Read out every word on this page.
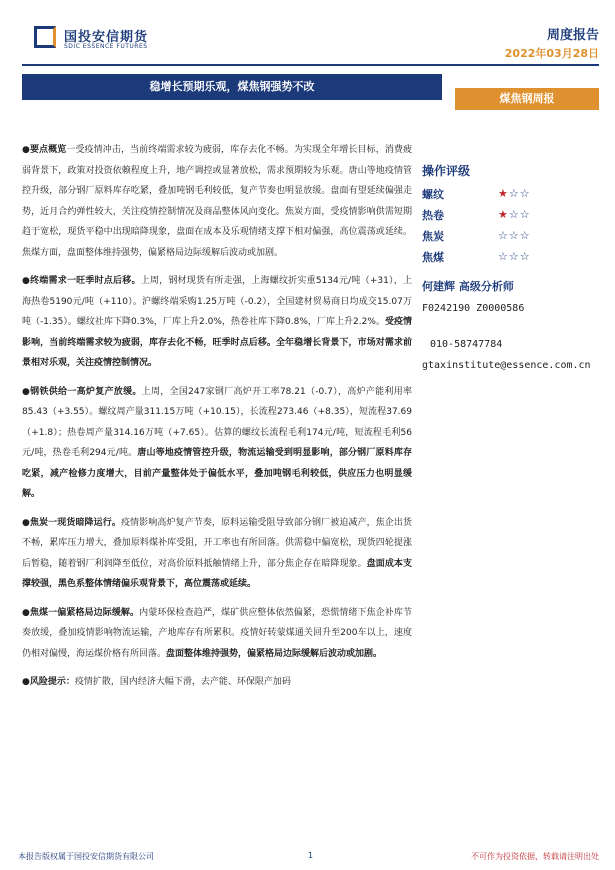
国投安信期货
SDIC ESSENCE FUTURES
周度报告
2022年03月28日
稳增长预期乐观，煤焦钢强势不改
煤焦钢周报

●要点概览一受疫情冲击，当前终端需求较为疲弱，库存去化不畅。为实现全年增长目标，消费疲弱背景下，政策对投资依赖程度上升，地产调控或显著放松，需求预期较为乐观。唐山等地疫情管控升级，部分钢厂原料库存吃紧，叠加吨钢毛利较低，复产节奏也明显放缓。盘面有望延续偏强走势，近月合约弹性较大，关注疫情控制情况及商品整体风向变化。焦炭方面，受疫情影响供需短期趋于宽松，现货平稳中出现暗降现象，盘面在成本及乐观情绪支撑下相对偏强，高位震荡或延续。焦煤方面，盘面整体维持强势，偏紧格局边际缓解后波动或加剧。

●终端需求一旺季时点后移。上周，钢材现货有所走强，上海螺纹折实重5134元/吨（+31），上海热卷5190元/吨（+110）。沪螺终端采购1.25万吨（-0.2），全国建材贸易商日均成交15.07万吨（-1.35）。螺纹社库下降0.3%，厂库上升2.0%，热卷社库下降0.8%，厂库上升2.2%。受疫情影响，当前终端需求较为疲弱，库存去化不畅，旺季时点后移。全年稳增长背景下，市场对需求前景相对乐观，关注疫情控制情况。

●钢铁供给一高炉复产放缓。上周，全国247家钢厂高炉开工率78.21（-0.7），高炉产能利用率85.43（+3.55）。螺纹周产量311.15万吨（+10.15），长流程273.46（+8.35），短流程37.69（+1.8）；热卷周产量314.16万吨（+7.65）。估算的螺纹长流程毛利174元/吨，短流程毛利56元/吨，热卷毛利294元/吨。唐山等地疫情管控升级，物流运输受到明显影响，部分钢厂原料库存吃紧，减产检修力度增大，目前产量整体处于偏低水平，叠加吨钢毛利较低，供应压力也明显缓解。

●焦炭一现货暗降运行。疫情影响高炉复产节奏，原料运输受阻导致部分钢厂被迫减产，焦企出货不畅，累库压力增大，叠加原料煤补库受阻，开工率也有所回落。供需稳中偏宽松，现货四轮提涨后暂稳，随着钢厂利润降至低位，对高价原料抵触情绪上升，部分焦企存在暗降现象。盘面成本支撑较强，黑色系整体情绪偏乐观背景下，高位震荡或延续。

●焦煤一偏紧格局边际缓解。内蒙环保检查趋严，煤矿供应整体依然偏紧，恐慌情绪下焦企补库节奏放缓，叠加疫情影响物流运输，产地库存有所累积。疫情好转蒙煤通关回升至200车以上，速度仍相对偏慢，海运煤价格有所回落。盘面整体维持强势，偏紧格局边际缓解后波动或加剧。

●风险提示：疫情扩散，国内经济大幅下滑，去产能、环保限产加码

操作评级
螺纹	★☆☆
热卷	★☆☆
焦炭	☆☆☆
焦煤	☆☆☆
何建辉 高级分析师
F0242190 Z0000586
010-58747784
gtaxinstitute@essence.com.cn
本报告版权属于国投安信期货有限公司	1	不可作为投资依据，转载请注明出处
